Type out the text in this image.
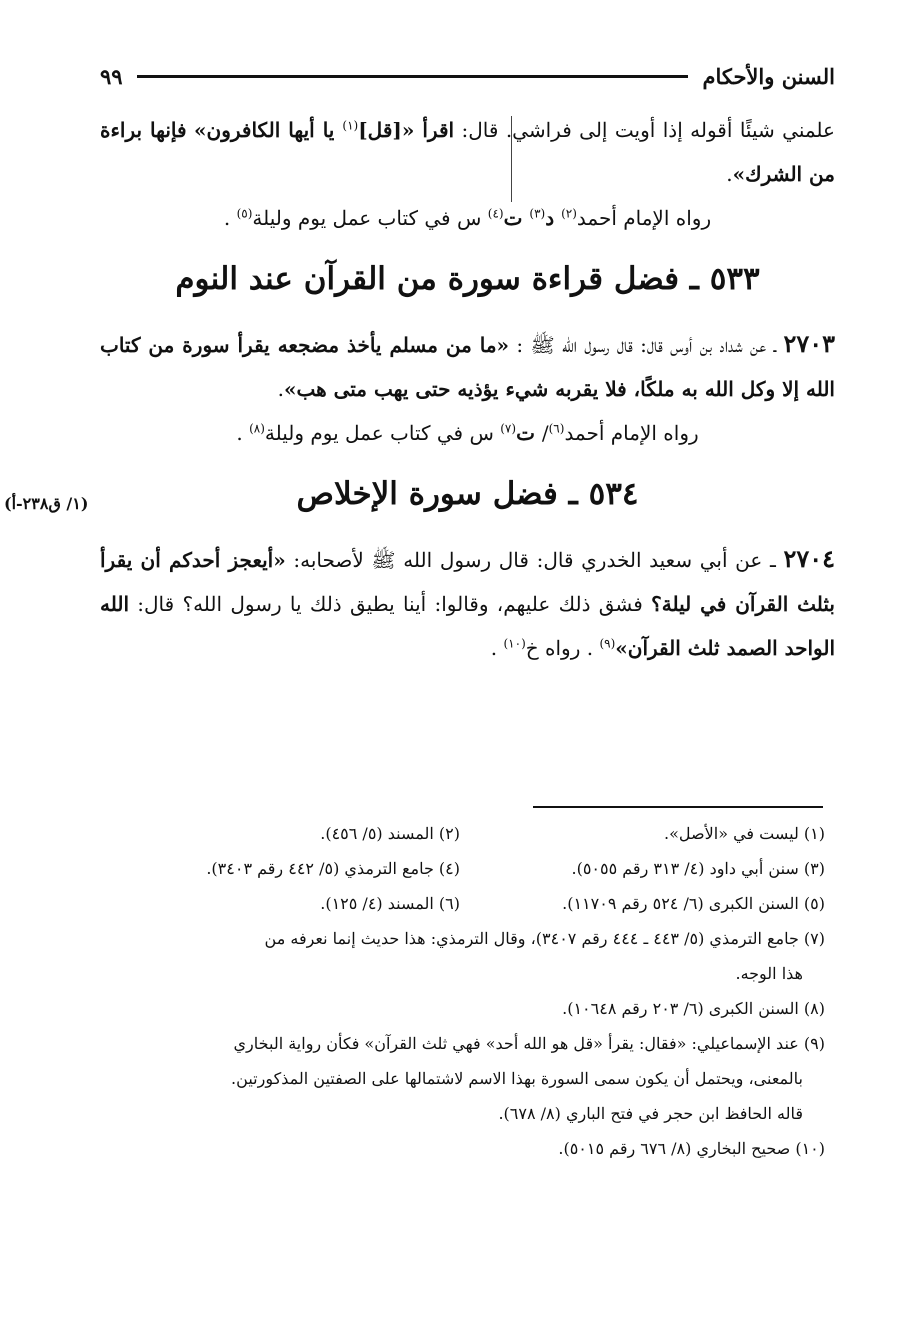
السنن والأحكام
٩٩

علمني شيئًا أقوله إذا أويت إلى فراشي. قال: اقرأ «[قل]$^{(١)}$ يا أيها الكافرون» فإنها براءة من الشرك».

رواه الإمام أحمد$^{(٢)}$ د$^{(٣)}$ ت$^{(٤)}$ س في كتاب عمل يوم وليلة$^{(٥)}$ .

٥٣٣ ـ فضل قراءة سورة من القرآن عند النوم

٢٧٠٣ ـ عن شداد بن أوس قال: قال رسول الله ﷺ : «ما من مسلم يأخذ مضجعه يقرأ سورة من كتاب الله إلا وكل الله به ملكًا، فلا يقربه شيء يؤذيه حتى يهب متى هب».

رواه الإمام أحمد$^{(٦)}$/ ت$^{(٧)}$ س في كتاب عمل يوم وليلة$^{(٨)}$ .

٥٣٤ ـ فضل سورة الإخلاص

٢٧٠٤ ـ عن أبي سعيد الخدري قال: قال رسول الله ﷺ لأصحابه: «أيعجز أحدكم أن يقرأ بثلث القرآن في ليلة؟ فشق ذلك عليهم، وقالوا: أينا يطيق ذلك يا رسول الله؟ قال: الله الواحد الصمد ثلث القرآن»$^{(٩)}$ . رواه خ$^{(١٠)}$ .

(١/ ق٢٣٨-أ)
(١) ليست في «الأصل».
(٢) المسند (٥/ ٤٥٦).
(٣) سنن أبي داود (٤/ ٣١٣ رقم ٥٠٥٥).
(٤) جامع الترمذي (٥/ ٤٤٢ رقم ٣٤٠٣).
(٥) السنن الكبرى (٦/ ٥٢٤ رقم ١١٧٠٩).
(٦) المسند (٤/ ١٢٥).
(٧) جامع الترمذي (٥/ ٤٤٣ ـ ٤٤٤ رقم ٣٤٠٧)، وقال الترمذي: هذا حديث إنما نعرفه من
هذا الوجه.
(٨) السنن الكبرى (٦/ ٢٠٣ رقم ١٠٦٤٨).
(٩) عند الإسماعيلي: «فقال: يقرأ «قل هو الله أحد» فهي ثلث القرآن» فكأن رواية البخاري
بالمعنى، ويحتمل أن يكون سمى السورة بهذا الاسم لاشتمالها على الصفتين المذكورتين.
قاله الحافظ ابن حجر في فتح الباري (٨/ ٦٧٨).
(١٠) صحيح البخاري (٨/ ٦٧٦ رقم ٥٠١٥).
